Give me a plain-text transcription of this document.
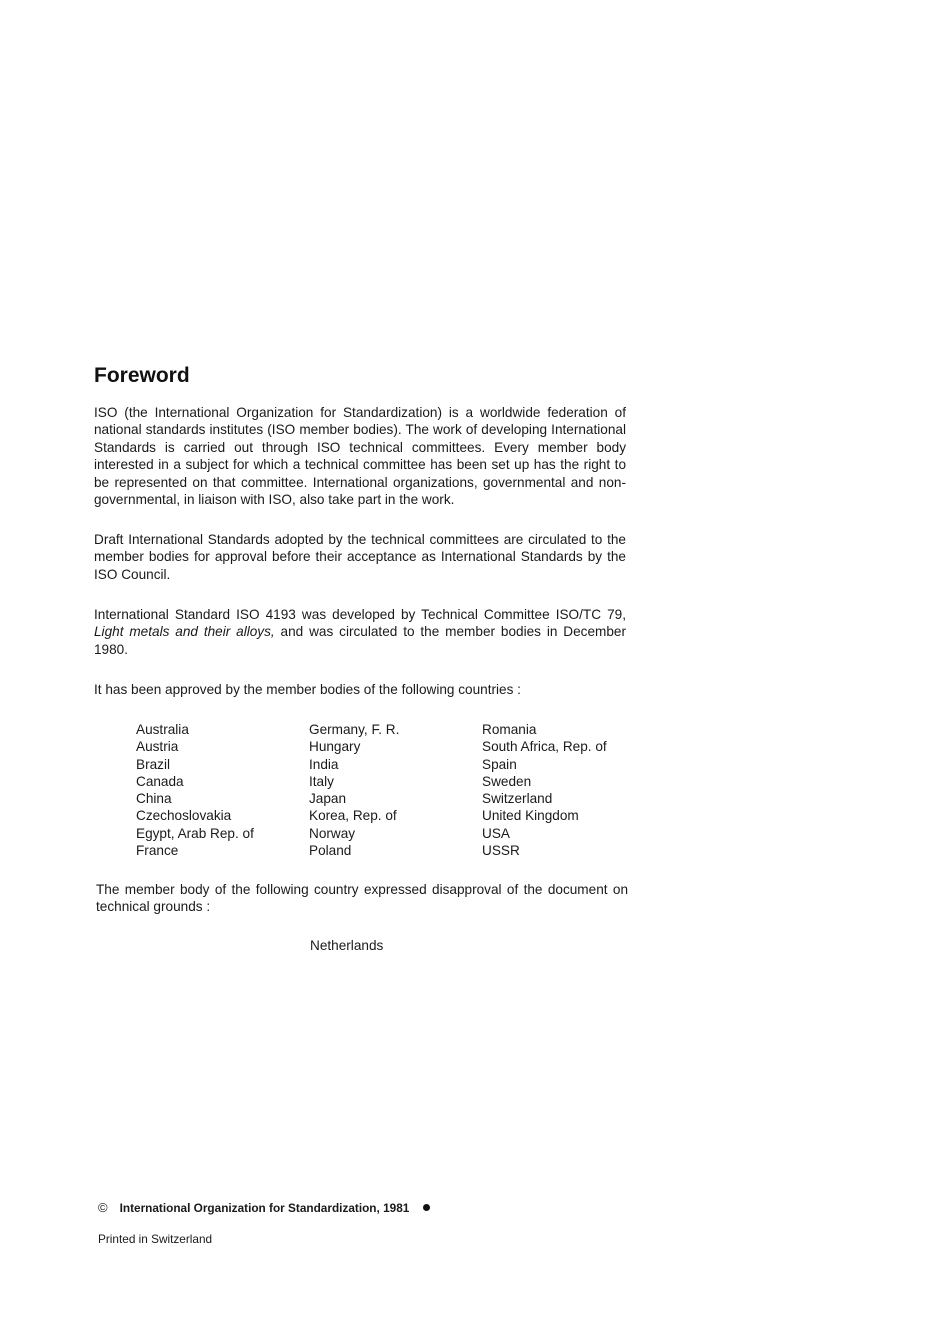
Foreword

ISO (the International Organization for Standardization) is a worldwide federation of national standards institutes (ISO member bodies). The work of developing International Standards is carried out through ISO technical committees. Every member body interested in a subject for which a technical committee has been set up has the right to be represented on that committee. International organizations, governmental and non-governmental, in liaison with ISO, also take part in the work.

Draft International Standards adopted by the technical committees are circulated to the member bodies for approval before their acceptance as International Standards by the ISO Council.

International Standard ISO 4193 was developed by Technical Committee ISO/TC 79, Light metals and their alloys, and was circulated to the member bodies in December 1980.

It has been approved by the member bodies of the following countries :

Australia
Austria
Brazil
Canada
China
Czechoslovakia
Egypt, Arab Rep. of
France
Germany, F. R.
Hungary
India
Italy
Japan
Korea, Rep. of
Norway
Poland
Romania
South Africa, Rep. of
Spain
Sweden
Switzerland
United Kingdom
USA
USSR

The member body of the following country expressed disapproval of the document on technical grounds :

Netherlands

© International Organization for Standardization, 1981

Printed in Switzerland
